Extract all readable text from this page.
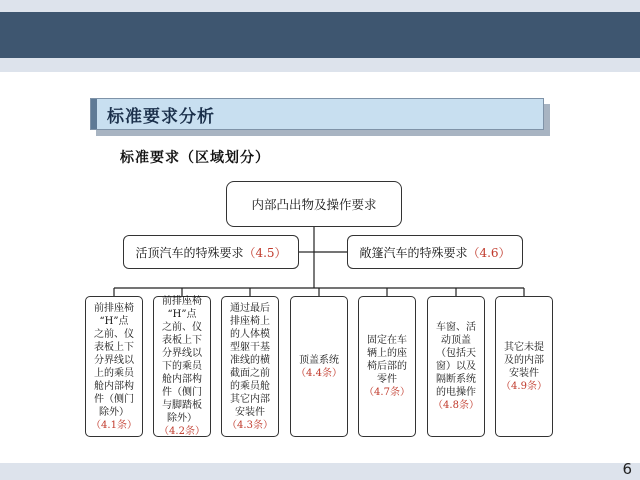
标准要求分析
标准要求（区域划分）
内部凸出物及操作要求
活顶汽车的特殊要求 （4.5）	敞篷汽车的特殊要求 （4.6）
前排座椅
“H”点
之前、仪
表板上下
分界线以
上的乘员
舱内部构
件（侧门
除外）
（4.1条）
前排座椅
“H”点
之前、仪
表板上下
分界线以
下的乘员
舱内部构
件（侧门
与脚踏板
除外）
（4.2条）
通过最后
排座椅上
的人体模
型躯干基
准线的横
截面之前
的乘员舱
其它内部
安装件
（4.3条）
顶盖系统
（4.4条）
固定在车
辆上的座
椅后部的
零件
（4.7条）
车窗、活
动顶盖
（包括天
窗）以及
隔断系统
的电操作
（4.8条）
其它未提
及的内部
安装件
（4.9条）
6
